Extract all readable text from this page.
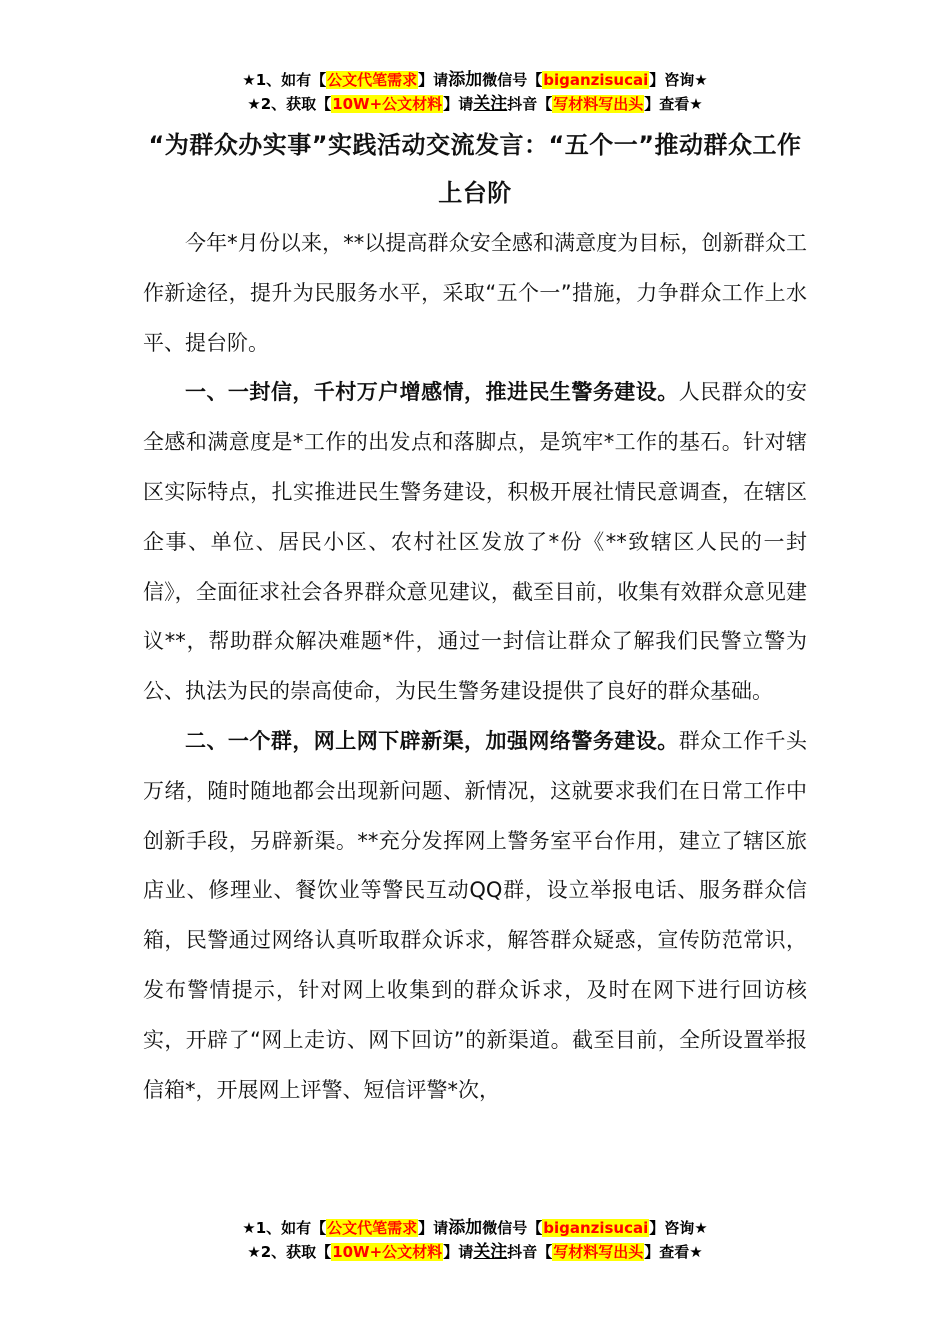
★1、如有【公文代笔需求】请添加微信号【biganzisucai】咨询★
★2、获取【10W+公文材料】请关注抖音【写材料写出头】查看★
“为群众办实事”实践活动交流发言：“五个一”推动群众工作上台阶

今年*月份以来，**以提高群众安全感和满意度为目标，创新群众工作新途径，提升为民服务水平，采取“五个一”措施，力争群众工作上水平、提台阶。

一、一封信，千村万户增感情，推进民生警务建设。人民群众的安全感和满意度是*工作的出发点和落脚点，是筑牢*工作的基石。针对辖区实际特点，扎实推进民生警务建设，积极开展社情民意调查，在辖区企事、单位、居民小区、农村社区发放了*份《**致辖区人民的一封信》，全面征求社会各界群众意见建议，截至目前，收集有效群众意见建议**，帮助群众解决难题*件，通过一封信让群众了解我们民警立警为公、执法为民的崇高使命，为民生警务建设提供了良好的群众基础。

二、一个群，网上网下辟新渠，加强网络警务建设。群众工作千头万绪，随时随地都会出现新问题、新情况，这就要求我们在日常工作中创新手段，另辟新渠。**充分发挥网上警务室平台作用，建立了辖区旅店业、修理业、餐饮业等警民互动QQ群，设立举报电话、服务群众信箱，民警通过网络认真听取群众诉求，解答群众疑惑，宣传防范常识，发布警情提示，针对网上收集到的群众诉求，及时在网下进行回访核实，开辟了“网上走访、网下回访”的新渠道。截至目前，全所设置举报信箱*，开展网上评警、短信评警*次，

★1、如有【公文代笔需求】请添加微信号【biganzisucai】咨询★
★2、获取【10W+公文材料】请关注抖音【写材料写出头】查看★
